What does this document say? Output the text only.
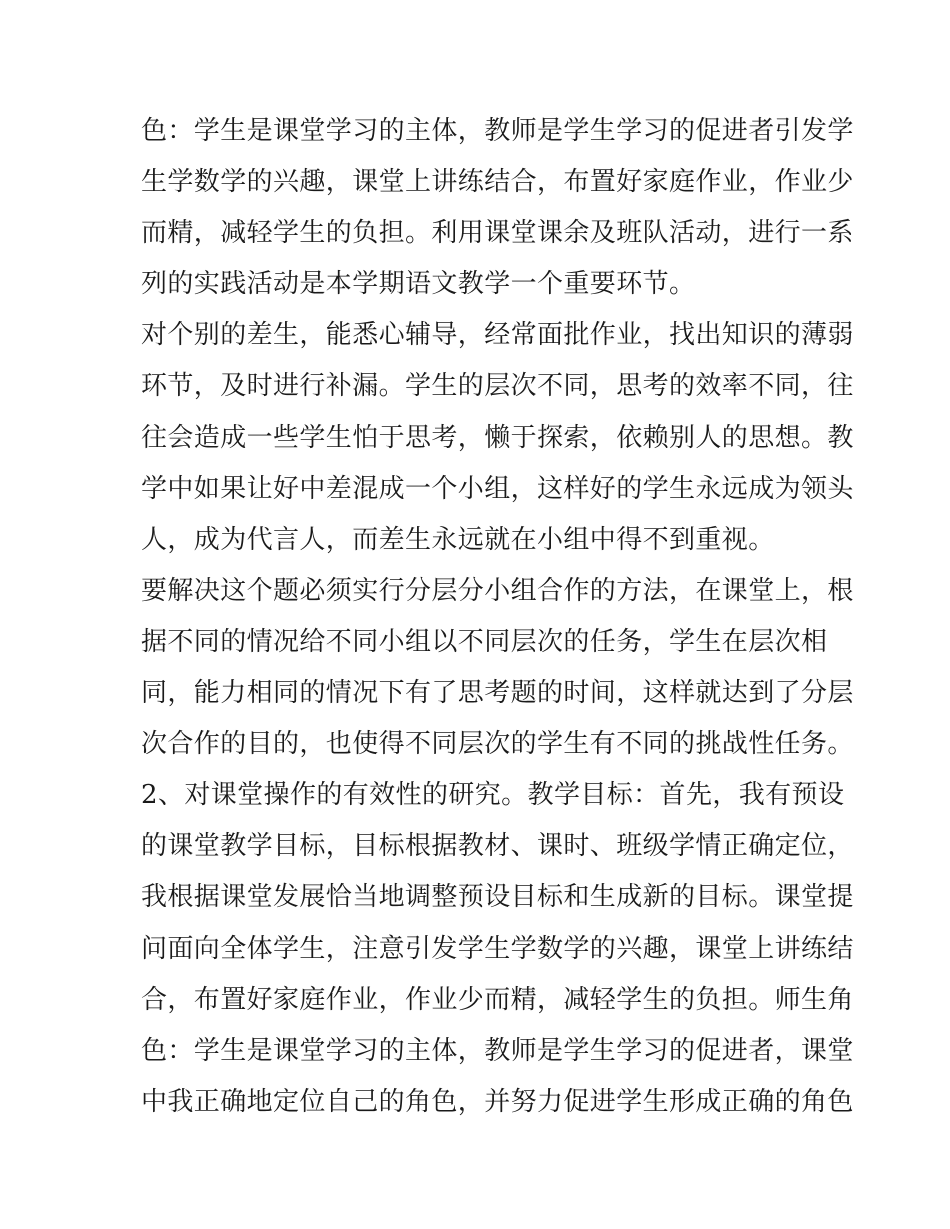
色：学生是课堂学习的主体，教师是学生学习的促进者引发学
生学数学的兴趣，课堂上讲练结合，布置好家庭作业，作业少
而精，减轻学生的负担。利用课堂课余及班队活动，进行一系
列的实践活动是本学期语文教学一个重要环节。
对个别的差生，能悉心辅导，经常面批作业，找出知识的薄弱
环节，及时进行补漏。学生的层次不同，思考的效率不同，往
往会造成一些学生怕于思考，懒于探索，依赖别人的思想。教
学中如果让好中差混成一个小组，这样好的学生永远成为领头
人，成为代言人，而差生永远就在小组中得不到重视。
要解决这个题必须实行分层分小组合作的方法，在课堂上，根
据不同的情况给不同小组以不同层次的任务，学生在层次相
同，能力相同的情况下有了思考题的时间，这样就达到了分层
次合作的目的，也使得不同层次的学生有不同的挑战性任务。
2、对课堂操作的有效性的研究。教学目标：首先，我有预设
的课堂教学目标，目标根据教材、课时、班级学情正确定位，
我根据课堂发展恰当地调整预设目标和生成新的目标。课堂提
问面向全体学生，注意引发学生学数学的兴趣，课堂上讲练结
合，布置好家庭作业，作业少而精，减轻学生的负担。师生角
色：学生是课堂学习的主体，教师是学生学习的促进者，课堂
中我正确地定位自己的角色，并努力促进学生形成正确的角色
